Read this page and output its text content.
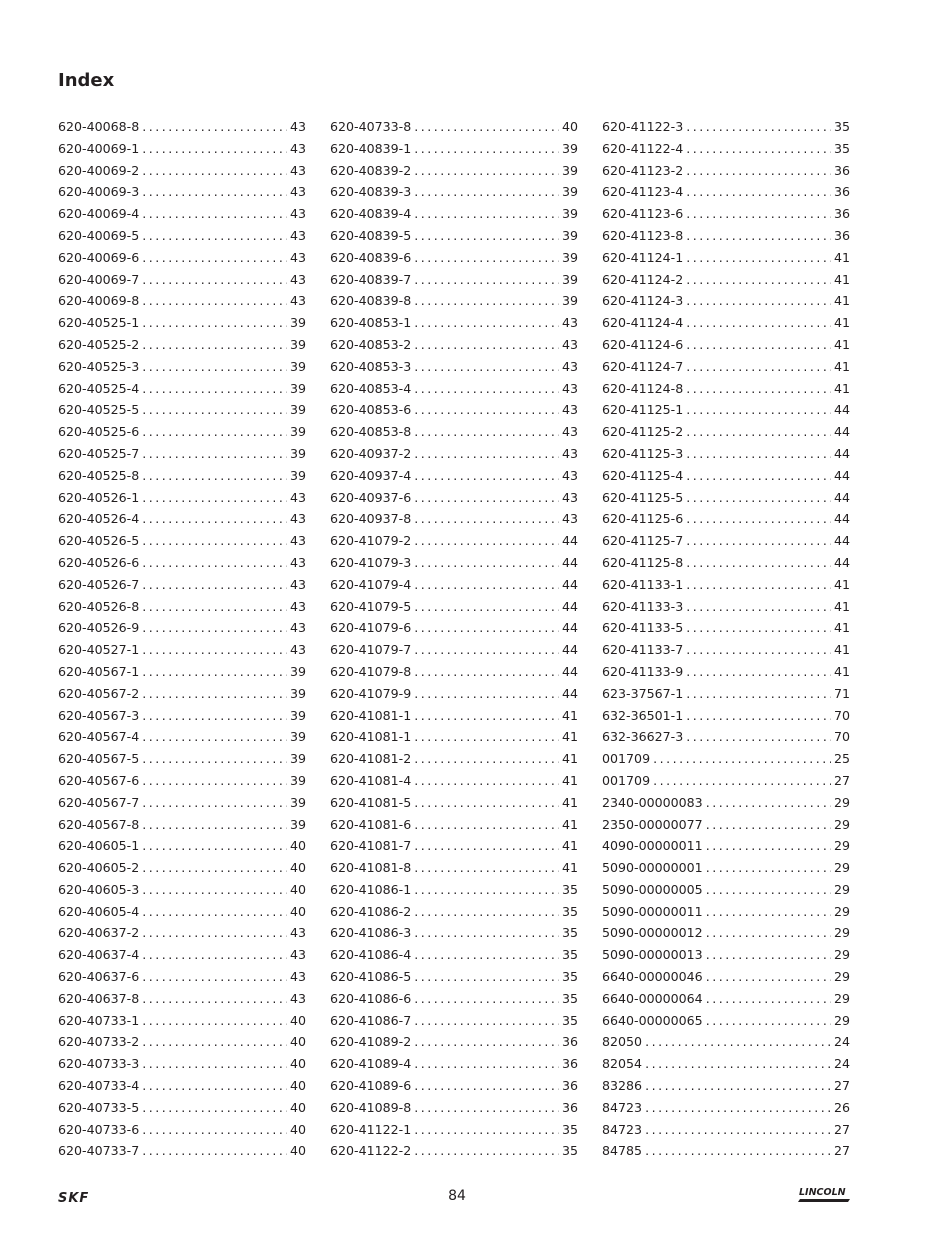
Index
620-40068-8 . . .	43
620-40069-1 . . .	43
620-40069-2 . . .	43
620-40069-3 . . .	43
620-40069-4 . . .	43
620-40069-5 . . .	43
620-40069-6 . . .	43
620-40069-7 . . .	43
620-40069-8 . . .	43
620-40525-1 . . .	39
620-40525-2 . . .	39
620-40525-3 . . .	39
620-40525-4 . . .	39
620-40525-5 . . .	39
620-40525-6 . . .	39
620-40525-7 . . .	39
620-40525-8 . . .	39
620-40526-1 . . .	43
620-40526-4 . . .	43
620-40526-5 . . .	43
620-40526-6 . . .	43
620-40526-7 . . .	43
620-40526-8 . . .	43
620-40526-9 . . .	43
620-40527-1 . . .	43
620-40567-1 . . .	39
620-40567-2 . . .	39
620-40567-3 . . .	39
620-40567-4 . . .	39
620-40567-5 . . .	39
620-40567-6 . . .	39
620-40567-7 . . .	39
620-40567-8 . . .	39
620-40605-1 . . .	40
620-40605-2 . . .	40
620-40605-3 . . .	40
620-40605-4 . . .	40
620-40637-2 . . .	43
620-40637-4 . . .	43
620-40637-6 . . .	43
620-40637-8 . . .	43
620-40733-1 . . .	40
620-40733-2 . . .	40
620-40733-3 . . .	40
620-40733-4 . . .	40
620-40733-5 . . .	40
620-40733-6 . . .	40
620-40733-7 . . .	40
620-40733-8 . . .	40
620-40839-1 . . .	39
620-40839-2 . . .	39
620-40839-3 . . .	39
620-40839-4 . . .	39
620-40839-5 . . .	39
620-40839-6 . . .	39
620-40839-7 . . .	39
620-40839-8 . . .	39
620-40853-1 . . .	43
620-40853-2 . . .	43
620-40853-3 . . .	43
620-40853-4 . . .	43
620-40853-6 . . .	43
620-40853-8 . . .	43
620-40937-2 . . .	43
620-40937-4 . . .	43
620-40937-6 . . .	43
620-40937-8 . . .	43
620-41079-2 . . .	44
620-41079-3 . . .	44
620-41079-4 . . .	44
620-41079-5 . . .	44
620-41079-6 . . .	44
620-41079-7 . . .	44
620-41079-8 . . .	44
620-41079-9 . . .	44
620-41081-1 . . .	41
620-41081-1 . . .	41
620-41081-2 . . .	41
620-41081-4 . . .	41
620-41081-5 . . .	41
620-41081-6 . . .	41
620-41081-7 . . .	41
620-41081-8 . . .	41
620-41086-1 . . .	35
620-41086-2 . . .	35
620-41086-3 . . .	35
620-41086-4 . . .	35
620-41086-5 . . .	35
620-41086-6 . . .	35
620-41086-7 . . .	35
620-41089-2 . . .	36
620-41089-4 . . .	36
620-41089-6 . . .	36
620-41089-8 . . .	36
620-41122-1 . . .	35
620-41122-2 . . .	35
620-41122-3 . . .	35
620-41122-4 . . .	35
620-41123-2 . . .	36
620-41123-4 . . .	36
620-41123-6 . . .	36
620-41123-8 . . .	36
620-41124-1 . . .	41
620-41124-2 . . .	41
620-41124-3 . . .	41
620-41124-4 . . .	41
620-41124-6 . . .	41
620-41124-7 . . .	41
620-41124-8 . . .	41
620-41125-1 . . .	44
620-41125-2 . . .	44
620-41125-3 . . .	44
620-41125-4 . . .	44
620-41125-5 . . .	44
620-41125-6 . . .	44
620-41125-7 . . .	44
620-41125-8 . . .	44
620-41133-1 . . .	41
620-41133-3 . . .	41
620-41133-5 . . .	41
620-41133-7 . . .	41
620-41133-9 . . .	41
623-37567-1 . . .	71
632-36501-1 . . .	70
632-36627-3 . . .	70
001709 . . .	25
001709 . . .	27
2340-00000083 . . .	29
2350-00000077 . . .	29
4090-00000011 . . .	29
5090-00000001 . . .	29
5090-00000005 . . .	29
5090-00000011 . . .	29
5090-00000012 . . .	29
5090-00000013 . . .	29
6640-00000046 . . .	29
6640-00000064 . . .	29
6640-00000065 . . .	29
82050 . . .	24
82054 . . .	24
83286 . . .	27
84723 . . .	26
84723 . . .	27
84785 . . .	27
SKF	84	LINCOLN
